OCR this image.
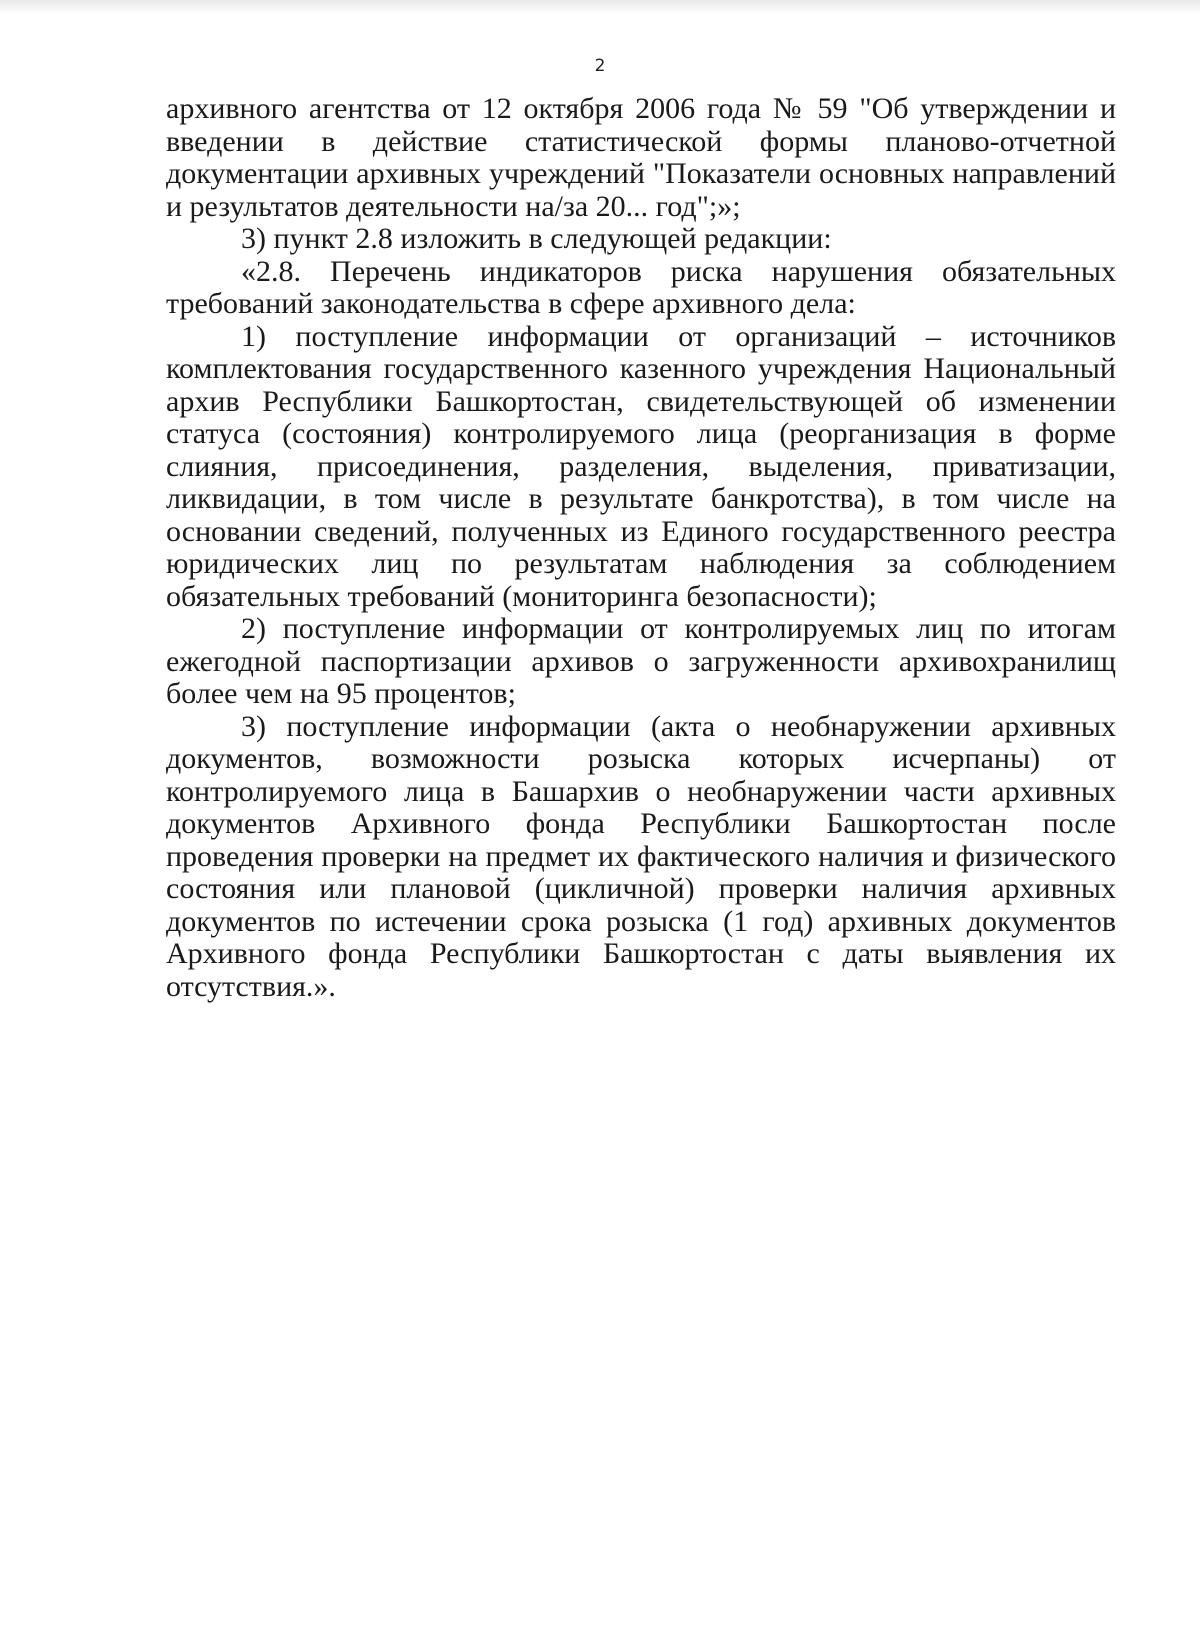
2

архивного агентства от 12 октября 2006 года № 59 "Об утверждении и введении в действие статистической формы планово-отчетной документации архивных учреждений "Показатели основных направлений и результатов деятельности на/за 20... год";»;

3) пункт 2.8 изложить в следующей редакции:

«2.8. Перечень индикаторов риска нарушения обязательных требований законодательства в сфере архивного дела:

1) поступление информации от организаций – источников комплектования государственного казенного учреждения Национальный архив Республики Башкортостан, свидетельствующей об изменении статуса (состояния) контролируемого лица (реорганизация в форме слияния, присоединения, разделения, выделения, приватизации, ликвидации, в том числе в результате банкротства), в том числе на основании сведений, полученных из Единого государственного реестра юридических лиц по результатам наблюдения за соблюдением обязательных требований (мониторинга безопасности);

2) поступление информации от контролируемых лиц по итогам ежегодной паспортизации архивов о загруженности архивохранилищ более чем на 95 процентов;

3) поступление информации (акта о необнаружении архивных документов, возможности розыска которых исчерпаны) от контролируемого лица в Башархив о необнаружении части архивных документов Архивного фонда Республики Башкортостан после проведения проверки на предмет их фактического наличия и физического состояния или плановой (цикличной) проверки наличия архивных документов по истечении срока розыска (1 год) архивных документов Архивного фонда Республики Башкортостан с даты выявления их отсутствия.».
